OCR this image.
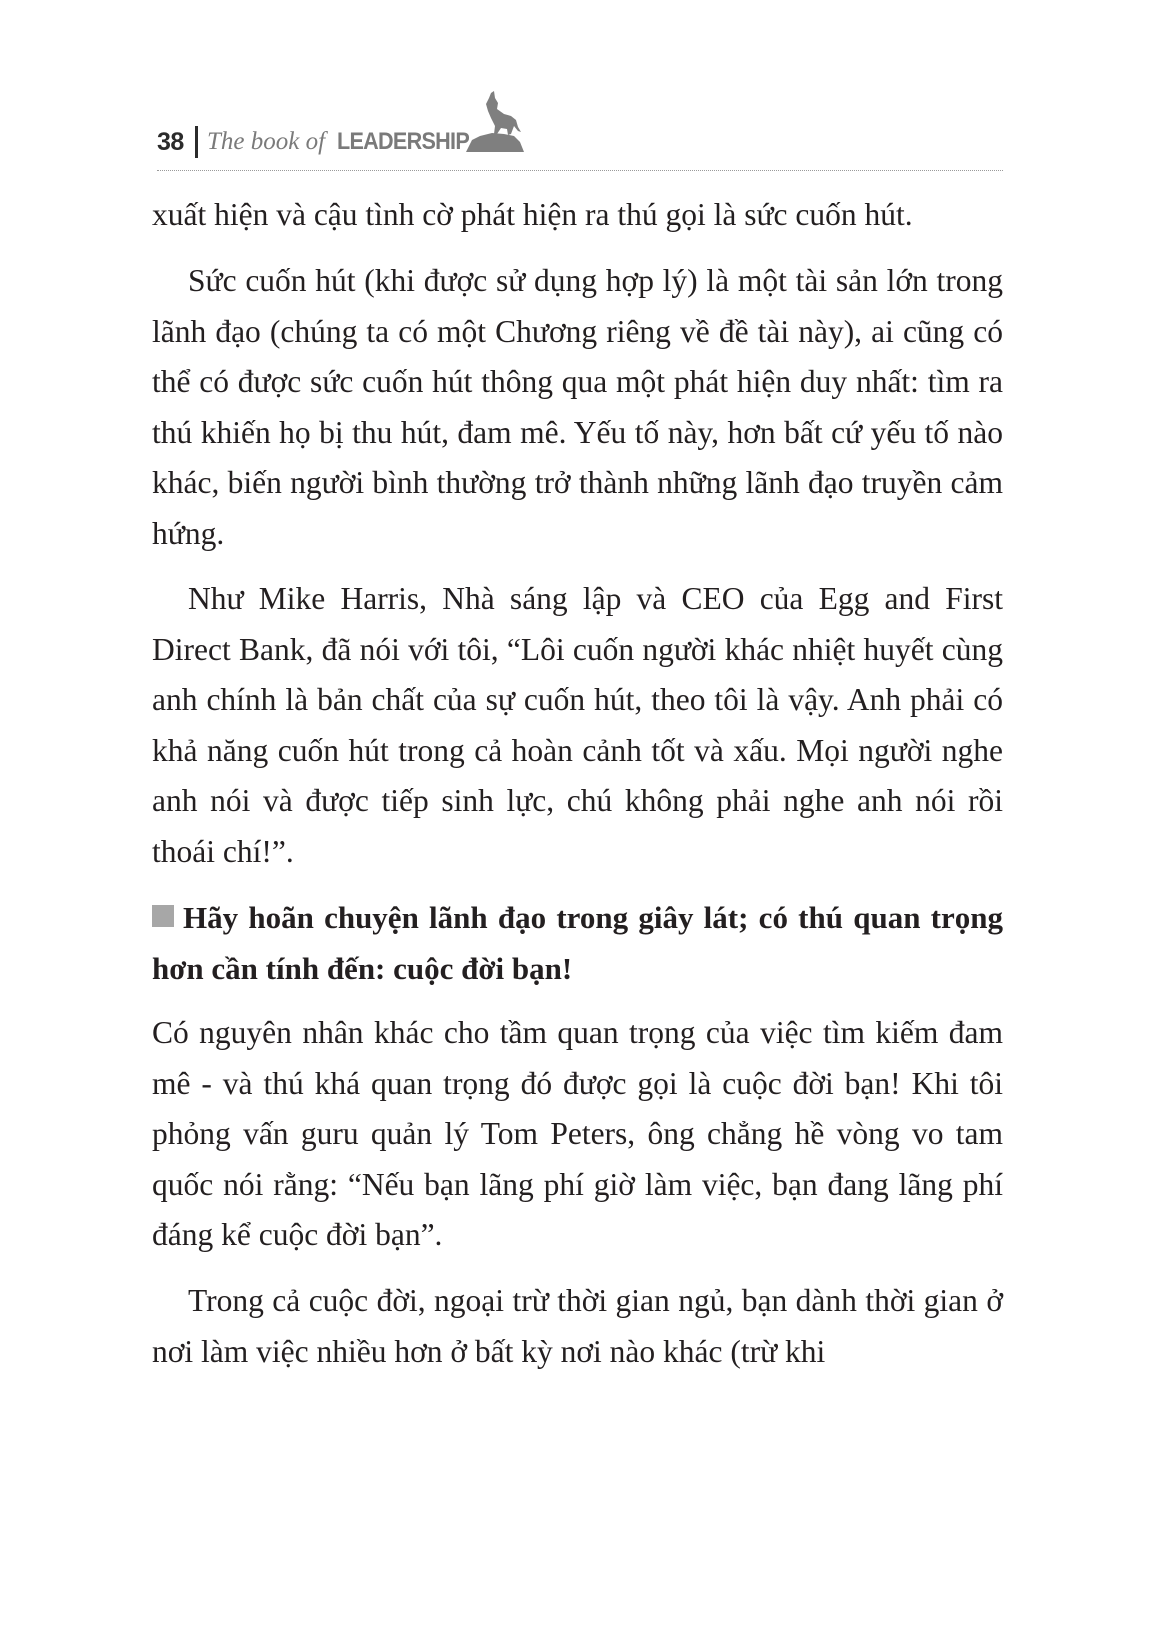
38 The book of LEADERSHIP

xuất hiện và cậu tình cờ phát hiện ra thú gọi là sức cuốn hút.

Sức cuốn hút (khi được sử dụng hợp lý) là một tài sản lớn trong lãnh đạo (chúng ta có một Chương riêng về đề tài này), ai cũng có thể có được sức cuốn hút thông qua một phát hiện duy nhất: tìm ra thú khiến họ bị thu hút, đam mê. Yếu tố này, hơn bất cứ yếu tố nào khác, biến người bình thường trở thành những lãnh đạo truyền cảm hứng.

Như Mike Harris, Nhà sáng lập và CEO của Egg and First Direct Bank, đã nói với tôi, “Lôi cuốn người khác nhiệt huyết cùng anh chính là bản chất của sự cuốn hút, theo tôi là vậy. Anh phải có khả năng cuốn hút trong cả hoàn cảnh tốt và xấu. Mọi người nghe anh nói và được tiếp sinh lực, chú không phải nghe anh nói rồi thoái chí!”.

Hãy hoãn chuyện lãnh đạo trong giây lát; có thú quan trọng hơn cần tính đến: cuộc đời bạn!

Có nguyên nhân khác cho tầm quan trọng của việc tìm kiếm đam mê - và thú khá quan trọng đó được gọi là cuộc đời bạn! Khi tôi phỏng vấn guru quản lý Tom Peters, ông chẳng hề vòng vo tam quốc nói rằng: “Nếu bạn lãng phí giờ làm việc, bạn đang lãng phí đáng kể cuộc đời bạn”.

Trong cả cuộc đời, ngoại trừ thời gian ngủ, bạn dành thời gian ở nơi làm việc nhiều hơn ở bất kỳ nơi nào khác (trừ khi
